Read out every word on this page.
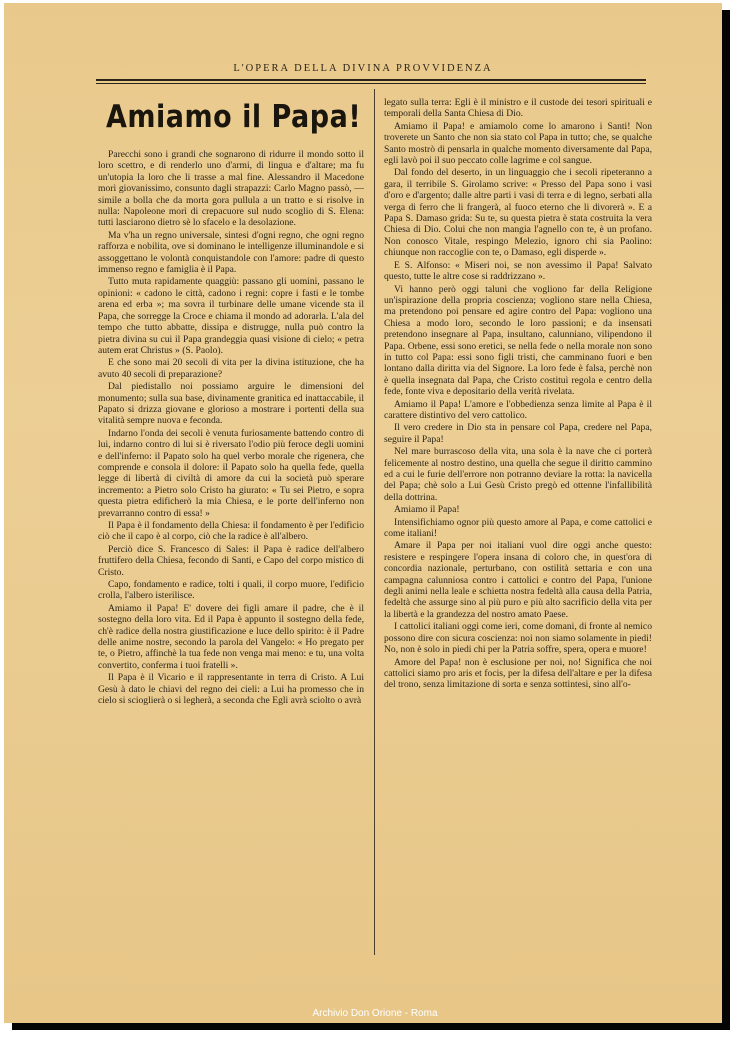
L'OPERA DELLA DIVINA PROVVIDENZA
Amiamo il Papa!

Parecchi sono i grandi che sognarono di ridurre il mondo sotto il loro scettro, e di renderlo uno d'armi, di lingua e d'altare; ma fu un'utopia la loro che li trasse a mal fine. Alessandro il Macedone morì giovanissimo, consunto dagli strapazzi: Carlo Magno passò, — simile a bolla che da morta gora pullula a un tratto e si risolve in nulla: Napoleone morì di crepacuore sul nudo scoglio di S. Elena: tutti lasciarono dietro sè lo sfacelo e la desolazione.

Ma v'ha un regno universale, sintesi d'ogni regno, che ogni regno rafforza e nobilita, ove si dominano le intelligenze illuminandole e si assoggettano le volontà conquistandole con l'amore: padre di questo immenso regno e famiglia è il Papa.

Tutto muta rapidamente quaggiù: passano gli uomini, passano le opinioni: « cadono le città, cadono i regni: copre i fasti e le tombe arena ed erba »; ma sovra il turbinare delle umane vicende sta il Papa, che sorregge la Croce e chiama il mondo ad adorarla. L'ala del tempo che tutto abbatte, dissipa e distrugge, nulla può contro la pietra divina su cui il Papa grandeggia quasi visione di cielo; « petra autem erat Christus » (S. Paolo).

E che sono mai 20 secoli di vita per la divina istituzione, che ha avuto 40 secoli di preparazione?

Dal piedistallo noi possiamo arguire le dimensioni del monumento; sulla sua base, divinamente granitica ed inattaccabile, il Papato si drizza giovane e glorioso a mostrare i portenti della sua vitalità sempre nuova e feconda.

Indarno l'onda dei secoli è venuta furiosamente battendo contro di lui, indarno contro di lui si è riversato l'odio più feroce degli uomini e dell'inferno: il Papato solo ha quel verbo morale che rigenera, che comprende e consola il dolore: il Papato solo ha quella fede, quella legge di libertà di civiltà di amore da cui la società può sperare incremento: a Pietro solo Cristo ha giurato: « Tu sei Pietro, e sopra questa pietra edificherò la mia Chiesa, e le porte dell'inferno non prevarranno contro di essa! »

Il Papa è il fondamento della Chiesa: il fondamento è per l'edificio ciò che il capo è al corpo, ciò che la radice è all'albero.

Perciò dice S. Francesco di Sales: il Papa è radice dell'albero fruttifero della Chiesa, fecondo di Santi, e Capo del corpo mistico di Cristo.

Capo, fondamento e radice, tolti i quali, il corpo muore, l'edificio crolla, l'albero isterilisce.

Amiamo il Papa! E' dovere dei figli amare il padre, che è il sostegno della loro vita. Ed il Papa è appunto il sostegno della fede, ch'è radice della nostra giustificazione e luce dello spirito: è il Padre delle anime nostre, secondo la parola del Vangelo: « Ho pregato per te, o Pietro, affinchè la tua fede non venga mai meno: e tu, una volta convertito, conferma i tuoi fratelli ».

Il Papa è il Vicario e il rappresentante in terra di Cristo. A Lui Gesù à dato le chiavi del regno dei cieli: a Lui ha promesso che in cielo si scioglierà o si legherà, a seconda che Egli avrà sciolto o avrà

legato sulla terra: Egli è il ministro e il custode dei tesori spirituali e temporali della Santa Chiesa di Dio.

Amiamo il Papa! e amiamolo come lo amarono i Santi! Non troverete un Santo che non sia stato col Papa in tutto; che, se qualche Santo mostrò di pensarla in qualche momento diversamente dal Papa, egli lavò poi il suo peccato colle lagrime e col sangue.

Dal fondo del deserto, in un linguaggio che i secoli ripeteranno a gara, il terribile S. Girolamo scrive: « Presso del Papa sono i vasi d'oro e d'argento; dalle altre parti i vasi di terra e di legno, serbati alla verga di ferro che li frangerà, al fuoco eterno che li divorerà ». E a Papa S. Damaso grida: Su te, su questa pietra è stata costruita la vera Chiesa di Dio. Colui che non mangia l'agnello con te, è un profano. Non conosco Vitale, respingo Melezio, ignoro chi sia Paolino: chiunque non raccoglie con te, o Damaso, egli disperde ».

E S. Alfonso: « Miseri noi, se non avessimo il Papa! Salvato questo, tutte le altre cose si raddrizzano ».

Vi hanno però oggi taluni che vogliono far della Religione un'ispirazione della propria coscienza; vogliono stare nella Chiesa, ma pretendono poi pensare ed agire contro del Papa: vogliono una Chiesa a modo loro, secondo le loro passioni; e da insensati pretendono insegnare al Papa, insultano, calunniano, vilipendono il Papa. Orbene, essi sono eretici, se nella fede o nella morale non sono in tutto col Papa: essi sono figli tristi, che camminano fuori e ben lontano dalla diritta via del Signore. La loro fede è falsa, perchè non è quella insegnata dal Papa, che Cristo costituì regola e centro della fede, fonte viva e depositario della verità rivelata.

Amiamo il Papa! L'amore e l'obbedienza senza limite al Papa è il carattere distintivo del vero cattolico.

Il vero credere in Dio sta in pensare col Papa, credere nel Papa, seguire il Papa!

Nel mare burrascoso della vita, una sola è la nave che ci porterà felicemente al nostro destino, una quella che segue il diritto cammino ed a cui le furie dell'errore non potranno deviare la rotta: la navicella del Papa; chè solo a Lui Gesù Cristo pregò ed ottenne l'infallibilità della dottrina.

Amiamo il Papa!

Intensifichiamo ognor più questo amore al Papa, e come cattolici e come italiani!

Amare il Papa per noi italiani vuol dire oggi anche questo: resistere e respingere l'opera insana di coloro che, in quest'ora di concordia nazionale, perturbano, con ostilità settaria e con una campagna calunniosa contro i cattolici e contro del Papa, l'unione degli animi nella leale e schietta nostra fedeltà alla causa della Patria, fedeltà che assurge sino al più puro e più alto sacrificio della vita per la libertà e la grandezza del nostro amato Paese.

I cattolici italiani oggi come ieri, come domani, di fronte al nemico possono dire con sicura coscienza: noi non siamo solamente in piedi! No, non è solo in piedi chi per la Patria soffre, spera, opera e muore!

Amore del Papa! non è esclusione per noi, no! Significa che noi cattolici siamo pro aris et focis, per la difesa dell'altare e per la difesa del trono, senza limitazione di sorta e senza sottintesi, sino all'o-

Archivio Don Orione - Roma
